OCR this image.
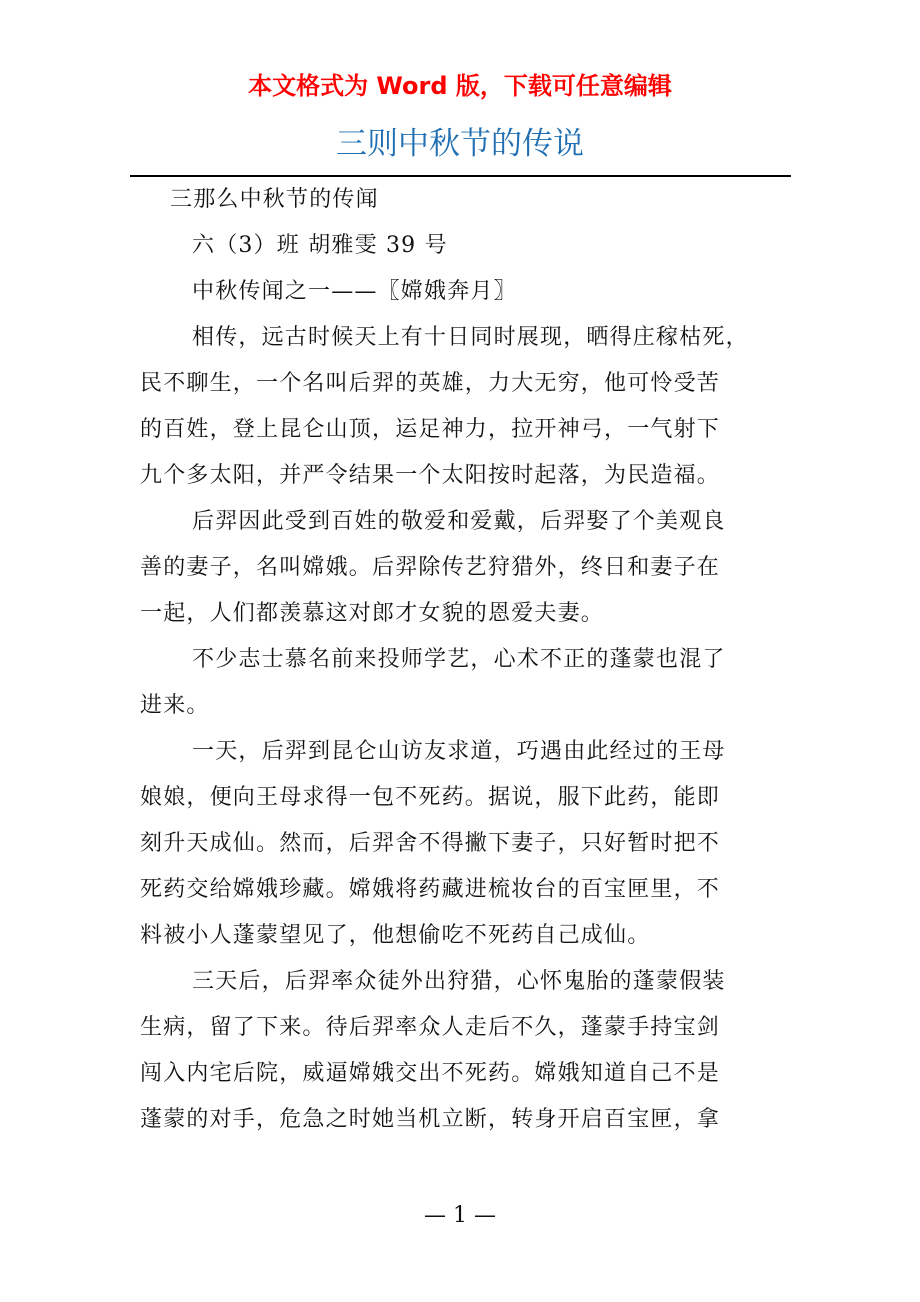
本文格式为 Word 版，下载可任意编辑
三则中秋节的传说

三那么中秋节的传闻

六（3）班 胡雅雯 39 号

中秋传闻之一——〖嫦娥奔月〗

相传，远古时候天上有十日同时展现，晒得庄稼枯死，

民不聊生，一个名叫后羿的英雄，力大无穷，他可怜受苦

的百姓，登上昆仑山顶，运足神力，拉开神弓，一气射下

九个多太阳，并严令结果一个太阳按时起落，为民造福。

后羿因此受到百姓的敬爱和爱戴，后羿娶了个美观良

善的妻子，名叫嫦娥。后羿除传艺狩猎外，终日和妻子在

一起，人们都羡慕这对郎才女貌的恩爱夫妻。

不少志士慕名前来投师学艺，心术不正的蓬蒙也混了

进来。

一天，后羿到昆仑山访友求道，巧遇由此经过的王母

娘娘，便向王母求得一包不死药。据说，服下此药，能即

刻升天成仙。然而，后羿舍不得撇下妻子，只好暂时把不

死药交给嫦娥珍藏。嫦娥将药藏进梳妆台的百宝匣里，不

料被小人蓬蒙望见了，他想偷吃不死药自己成仙。

三天后，后羿率众徒外出狩猎，心怀鬼胎的蓬蒙假装

生病，留了下来。待后羿率众人走后不久，蓬蒙手持宝剑

闯入内宅后院，威逼嫦娥交出不死药。嫦娥知道自己不是

蓬蒙的对手，危急之时她当机立断，转身开启百宝匣，拿

— 1 —
